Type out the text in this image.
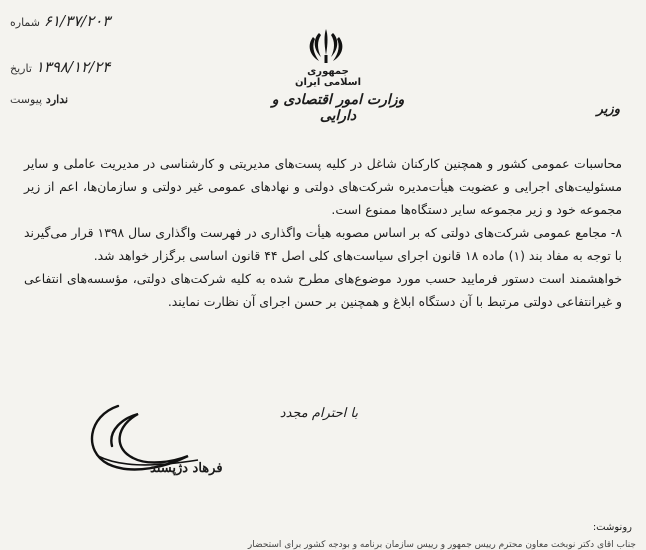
۶۱/۳۷/۲۰۳ شماره
۱۳۹۸/۱۲/۲۴ تاریخ
ندارد پیوست
جمهوری اسلامی ایران
وزارت امور اقتصادی و دارایی	وزیر

محاسبات عمومی کشور و همچنین کارکنان شاغل در کلیه پست‌های مدیریتی و کارشناسی در مدیریت عاملی و سایر مسئولیت‌های اجرایی و عضویت هیأت‌مدیره شرکت‌های دولتی و نهادهای عمومی غیر دولتی و سازمان‌ها، اعم از زیر مجموعه خود و زیر مجموعه سایر دستگاه‌ها ممنوع است.

۸- مجامع عمومی شرکت‌های دولتی که بر اساس مصوبه هیأت واگذاری در فهرست واگذاری سال ۱۳۹۸ قرار می‌گیرند با توجه به مفاد بند (۱) ماده ۱۸ قانون اجرای سیاست‌های کلی اصل ۴۴ قانون اساسی برگزار خواهد شد.

خواهشمند است دستور فرمایید حسب مورد موضوع‌های مطرح شده به کلیه شرکت‌های دولتی، مؤسسه‌های انتفاعی و غیرانتفاعی دولتی مرتبط با آن دستگاه ابلاغ و همچنین بر حسن اجرای آن نظارت نمایند.

با احترام مجدد
فرهاد دژپسند
رونوشت:
جناب آقای دکتر نوبخت معاون محترم رییس جمهور و رییس سازمان برنامه و بودجه کشور برای استحضار
